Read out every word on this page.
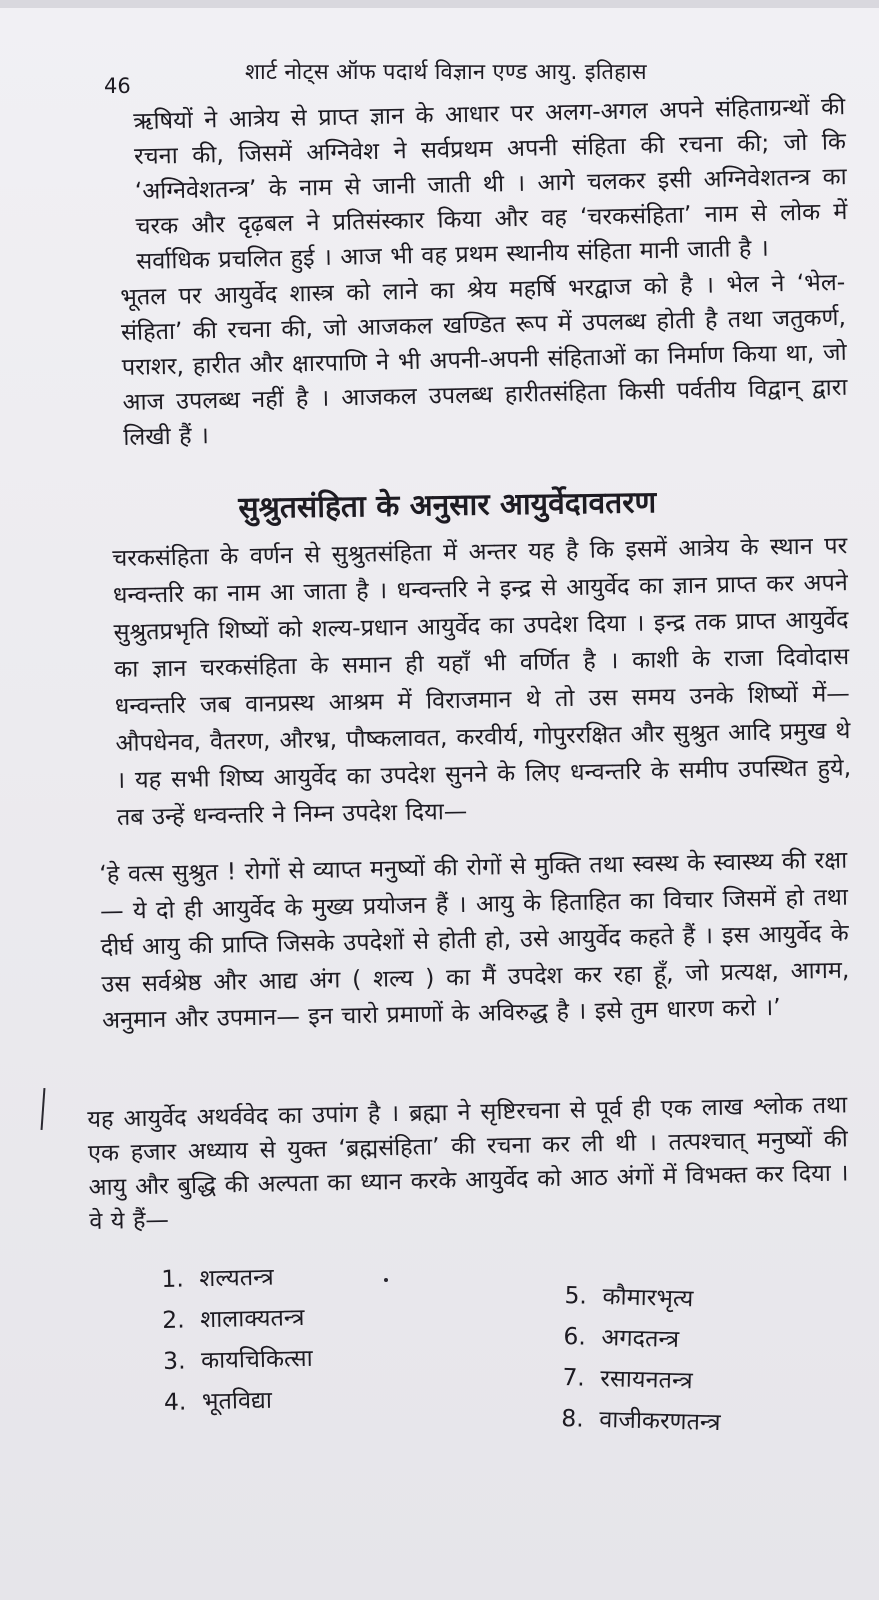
46
शार्ट नोट्स ऑफ पदार्थ विज्ञान एण्ड आयु. इतिहास

ऋषियों ने आत्रेय से प्राप्त ज्ञान के आधार पर अलग-अगल अपने संहिताग्रन्थों की रचना की, जिसमें अग्निवेश ने सर्वप्रथम अपनी संहिता की रचना की; जो कि ‘अग्निवेशतन्त्र’ के नाम से जानी जाती थी । आगे चलकर इसी अग्निवेशतन्त्र का चरक और दृढ़बल ने प्रतिसंस्कार किया और वह ‘चरकसंहिता’ नाम से लोक में सर्वाधिक प्रचलित हुई । आज भी वह प्रथम स्थानीय संहिता मानी जाती है ।

भूतल पर आयुर्वेद शास्त्र को लाने का श्रेय महर्षि भरद्वाज को है । भेल ने ‘भेल-संहिता’ की रचना की, जो आजकल खण्डित रूप में उपलब्ध होती है तथा जतुकर्ण, पराशर, हारीत और क्षारपाणि ने भी अपनी-अपनी संहिताओं का निर्माण किया था, जो आज उपलब्ध नहीं है । आजकल उपलब्ध हारीतसंहिता किसी पर्वतीय विद्वान् द्वारा लिखी हैं ।

सुश्रुतसंहिता के अनुसार आयुर्वेदावतरण

चरकसंहिता के वर्णन से सुश्रुतसंहिता में अन्तर यह है कि इसमें आत्रेय के स्थान पर धन्वन्तरि का नाम आ जाता है । धन्वन्तरि ने इन्द्र से आयुर्वेद का ज्ञान प्राप्त कर अपने सुश्रुतप्रभृति शिष्यों को शल्य-प्रधान आयुर्वेद का उपदेश दिया । इन्द्र तक प्राप्त आयुर्वेद का ज्ञान चरकसंहिता के समान ही यहाँ भी वर्णित है । काशी के राजा दिवोदास धन्वन्तरि जब वानप्रस्थ आश्रम में विराजमान थे तो उस समय उनके शिष्यों में— औपधेनव, वैतरण, औरभ्र, पौष्कलावत, करवीर्य, गोपुररक्षित और सुश्रुत आदि प्रमुख थे । यह सभी शिष्य आयुर्वेद का उपदेश सुनने के लिए धन्वन्तरि के समीप उपस्थित हुये, तब उन्हें धन्वन्तरि ने निम्न उपदेश दिया—

‘हे वत्स सुश्रुत ! रोगों से व्याप्त मनुष्यों की रोगों से मुक्ति तथा स्वस्थ के स्वास्थ्य की रक्षा— ये दो ही आयुर्वेद के मुख्य प्रयोजन हैं । आयु के हिताहित का विचार जिसमें हो तथा दीर्घ आयु की प्राप्ति जिसके उपदेशों से होती हो, उसे आयुर्वेद कहते हैं । इस आयुर्वेद के उस सर्वश्रेष्ठ और आद्य अंग ( शल्य ) का मैं उपदेश कर रहा हूँ, जो प्रत्यक्ष, आगम, अनुमान और उपमान— इन चारो प्रमाणों के अविरुद्ध है । इसे तुम धारण करो ।’

यह आयुर्वेद अथर्ववेद का उपांग है । ब्रह्मा ने सृष्टिरचना से पूर्व ही एक लाख श्लोक तथा एक हजार अध्याय से युक्त ‘ब्रह्मसंहिता’ की रचना कर ली थी । तत्पश्चात् मनुष्यों की आयु और बुद्धि की अल्पता का ध्यान करके आयुर्वेद को आठ अंगों में विभक्त कर दिया । वे ये हैं—

1. शल्यतन्त्र
2. शालाक्यतन्त्र
3. कायचिकित्सा
4. भूतविद्या
5. कौमारभृत्य
6. अगदतन्त्र
7. रसायनतन्त्र
8. वाजीकरणतन्त्र
